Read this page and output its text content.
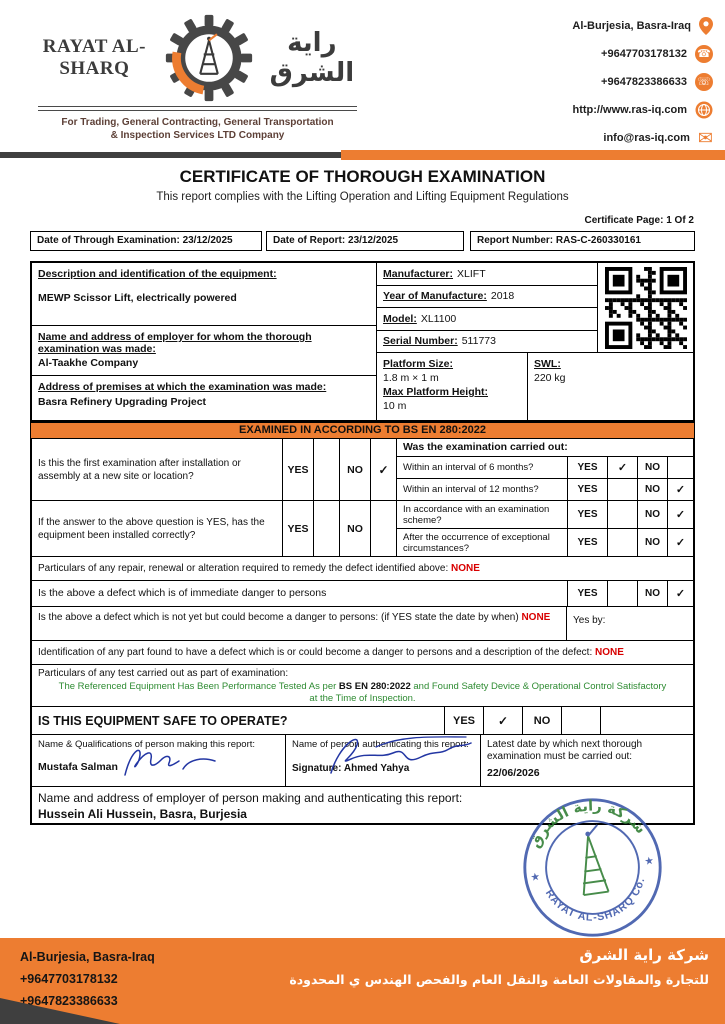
RAYAT AL-SHARQ
راية الشرق
For Trading, General Contracting, General Transportation
& Inspection Services LTD Company
Al-Burjesia, Basra-Iraq
+9647703178132 ☎
+9647823386633 ☏
http://www.ras-iq.com
info@ras-iq.com ✉
CERTIFICATE OF THOROUGH EXAMINATION
This report complies with the Lifting Operation and Lifting Equipment Regulations
Certificate Page: 1 Of 2
Date of Through Examination: 23/12/2025	Date of Report: 23/12/2025	Report Number: RAS-C-260330161
Description and identification of the equipment:
MEWP Scissor Lift, electrically powered
Name and address of employer for whom the thorough examination was made:
Al-Taakhe Company
Address of premises at which the examination was made:
Basra Refinery Upgrading Project
Manufacturer: XLIFT
Year of Manufacture: 2018
Model: XL1100
Serial Number: 511773
Platform Size:
1.8 m × 1 m
Max Platform Height:
10 m
SWL:
220 kg
EXAMINED IN ACCORDING TO BS EN 280:2022
Is this the first examination after installation or assembly at a new site or location?
YES	NO	✓
Was the examination carried out:
Within an interval of 6 months?	YES	✓	NO
Within an interval of 12 months?	YES	NO	✓
If the answer to the above question is YES, has the equipment been installed correctly?
YES	NO
In accordance with an examination scheme?	YES	NO	✓
After the occurrence of exceptional circumstances?	YES	NO	✓
Particulars of any repair, renewal or alteration required to remedy the defect identified above: NONE
Is the above a defect which is of immediate danger to persons	YES	NO	✓
Is the above a defect which is not yet but could become a danger to persons: (if YES state the date by when) NONE	Yes by:
Identification of any part found to have a defect which is or could become a danger to persons and a description of the defect: NONE
Particulars of any test carried out as part of examination:
The Referenced Equipment Has Been Performance Tested As per BS EN 280:2022 and Found Safety Device & Operational Control Satisfactory at the Time of Inspection.
IS THIS EQUIPMENT SAFE TO OPERATE?	YES	✓	NO
Name & Qualifications of person making this report:
Mustafa Salman
Name of person authenticating this report:
Signature: Ahmed Yahya
Latest date by which next thorough examination must be carried out:
22/06/2026
Name and address of employer of person making and authenticating this report:
Hussein Ali Hussein, Basra, Burjesia
شركة راية الشرق
RAYAT AL-SHARQ Co.
★
★
Al-Burjesia, Basra-Iraq
+9647703178132
+9647823386633
شركة راية الشرق
للتجارة والمقاولات العامة والنقل العام والفحص الهندس ي المحدودة
